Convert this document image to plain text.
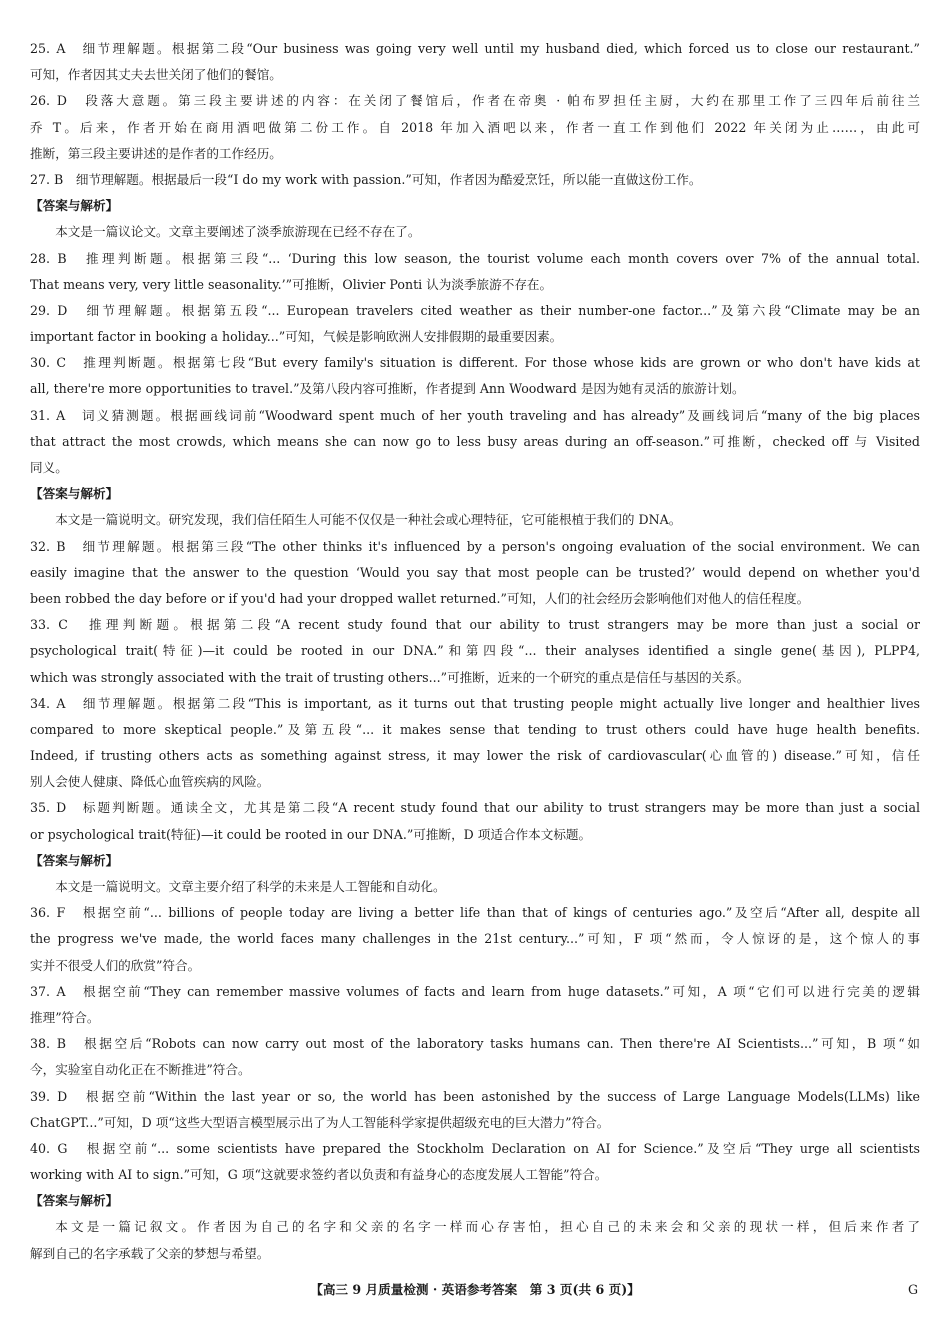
25. A　细节理解题。根据第二段“Our business was going very well until my husband died, which forced us to close our restaurant.”
可知，作者因其丈夫去世关闭了他们的餐馆。
26. D　段落大意题。第三段主要讲述的内容：在关闭了餐馆后，作者在帝奥 · 帕布罗担任主厨，大约在那里工作了三四年后前往兰
乔 T。后来，作者开始在商用酒吧做第二份工作。自 2018 年加入酒吧以来，作者一直工作到他们 2022 年关闭为止……，由此可
推断，第三段主要讲述的是作者的工作经历。
27. B　细节理解题。根据最后一段“I do my work with passion.”可知，作者因为酷爱烹饪，所以能一直做这份工作。
【答案与解析】
本文是一篇议论文。文章主要阐述了淡季旅游现在已经不存在了。
28. B　推理判断题。根据第三段“... ‘During this low season, the tourist volume each month covers over 7% of the annual total.
That means very, very little seasonality.’”可推断，Olivier Ponti 认为淡季旅游不存在。
29. D　细节理解题。根据第五段“... European travelers cited weather as their number-one factor...”及第六段“Climate may be an
important factor in booking a holiday...”可知，气候是影响欧洲人安排假期的最重要因素。
30. C　推理判断题。根据第七段“But every family's situation is different. For those whose kids are grown or who don't have kids at
all, there're more opportunities to travel.”及第八段内容可推断，作者提到 Ann Woodward 是因为她有灵活的旅游计划。
31. A　词义猜测题。根据画线词前“Woodward spent much of her youth traveling and has already”及画线词后“many of the big places
that attract the most crowds, which means she can now go to less busy areas during an off-season.”可推断，checked off 与 Visited
同义。
【答案与解析】
本文是一篇说明文。研究发现，我们信任陌生人可能不仅仅是一种社会或心理特征，它可能根植于我们的 DNA。
32. B　细节理解题。根据第三段“The other thinks it's influenced by a person's ongoing evaluation of the social environment. We can
easily imagine that the answer to the question ‘Would you say that most people can be trusted?’ would depend on whether you'd
been robbed the day before or if you'd had your dropped wallet returned.”可知，人们的社会经历会影响他们对他人的信任程度。
33. C　推理判断题。根据第二段“A recent study found that our ability to trust strangers may be more than just a social or
psychological trait(特征)—it could be rooted in our DNA.”和第四段“... their analyses identified a single gene(基因), PLPP4,
which was strongly associated with the trait of trusting others...”可推断，近来的一个研究的重点是信任与基因的关系。
34. A　细节理解题。根据第二段“This is important, as it turns out that trusting people might actually live longer and healthier lives
compared to more skeptical people.”及第五段“... it makes sense that tending to trust others could have huge health benefits.
Indeed, if trusting others acts as something against stress, it may lower the risk of cardiovascular(心血管的) disease.”可知，信任
别人会使人健康、降低心血管疾病的风险。
35. D　标题判断题。通读全文，尤其是第二段“A recent study found that our ability to trust strangers may be more than just a social
or psychological trait(特征)—it could be rooted in our DNA.”可推断，D 项适合作本文标题。
【答案与解析】
本文是一篇说明文。文章主要介绍了科学的未来是人工智能和自动化。
36. F　根据空前“... billions of people today are living a better life than that of kings of centuries ago.”及空后“After all, despite all
the progress we've made, the world faces many challenges in the 21st century...”可知，F 项“然而，令人惊讶的是，这个惊人的事
实并不很受人们的欣赏”符合。
37. A　根据空前“They can remember massive volumes of facts and learn from huge datasets.”可知，A 项“它们可以进行完美的逻辑
推理”符合。
38. B　根据空后“Robots can now carry out most of the laboratory tasks humans can. Then there're AI Scientists...”可知，B 项“如
今，实验室自动化正在不断推进”符合。
39. D　根据空前“Within the last year or so, the world has been astonished by the success of Large Language Models(LLMs) like
ChatGPT...”可知，D 项“这些大型语言模型展示出了为人工智能科学家提供超级充电的巨大潜力”符合。
40. G　根据空前“... some scientists have prepared the Stockholm Declaration on AI for Science.”及空后“They urge all scientists
working with AI to sign.”可知，G 项“这就要求签约者以负责和有益身心的态度发展人工智能”符合。
【答案与解析】
本文是一篇记叙文。作者因为自己的名字和父亲的名字一样而心存害怕，担心自己的未来会和父亲的现状一样，但后来作者了
解到自己的名字承载了父亲的梦想与希望。
【高三 9 月质量检测 · 英语参考答案　第 3 页(共 6 页)】	G
